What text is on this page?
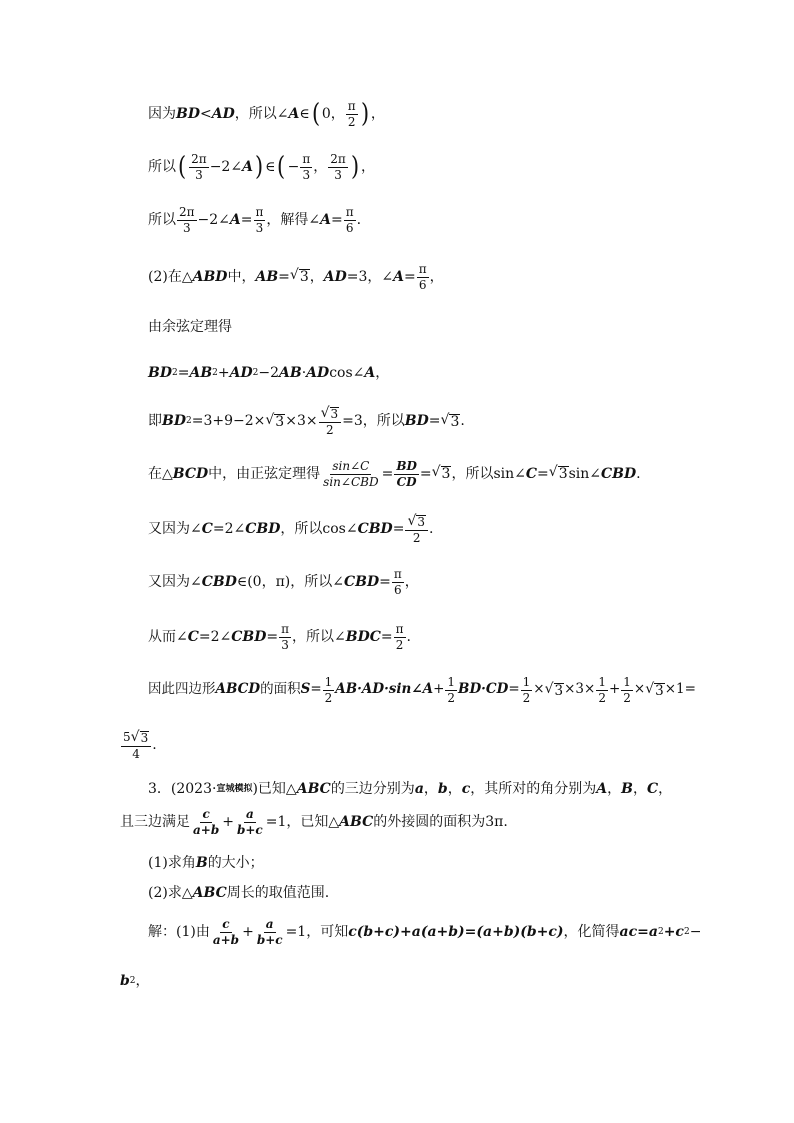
因为 BD < AD ，所以∠ A ∈ ( 0， $\frac{\pi}{2}$ ) ，
所以 ( $\frac{2\pi}{3}$ −2∠ A ) ∈ ( − $\frac{\pi}{3}$ ， $\frac{2\pi}{3}$ ) ，
所以 $\frac{2\pi}{3}$ −2∠ $A = \frac{\pi}{3}$ ，解得∠ $A = \frac{\pi}{6}$ .
(2)在△ ABD 中， AB = √ 3 ， AD =3，∠ $A = \frac{\pi}{6}$ ，
由余弦定理得
BD 2 = AB 2 + AD 2 −2 AB · AD cos∠ A ，
即 BD 2 =3+9−2× √ $3 \times 3\times \frac{√ 3}{2} =3$，所以 BD = √ 3 .
在△ BCD 中，由正弦定理得 $\frac{\sin\angle C}{\text{sin∠CBD}} = \frac{BD}{CD}$ = √ 3 ，所以 sin∠ C = √ 3 sin∠ CBD .
又因为∠ C =2∠ CBD ，所以cos∠ CBD = $\frac{√ 3}{2}$ .
又因为∠ CBD ∈(0，π)，所以∠ CBD = $\frac{\pi}{6}$ ，
从而∠ C =2∠ CBD = $\frac{\pi}{3}$ ，所以∠ BDC = $\frac{\pi}{2}$ .
因此四边形 ABCD 的面积 $S = \frac{1}{2}$ AB·AD·sin∠A + $\frac{1}{2} BD\cdot CD = \frac{1}{2}$ × √ $3 \times 3\times \frac{1}{2} + \frac{1}{2}$ × √ 3 ×1=
$\frac{5 √ 3}{4}$ .
3．(2023· 宣城模拟 )已知△ ABC 的三边分别为 a ， b ， c ，其所对的角分别为 A ， B ， C ，
且三边满足 $\frac{c}{a+b} + \frac{a}{b+c} =1$，已知△ ABC 的外接圆的面积为3π.
(1)求角 B 的大小；
(2)求△ ABC 周长的取值范围.
解：(1)由 $\frac{c}{a+b} + \frac{a}{b+c} =1$，可知 c(b+c)+a(a+b)=(a+b)(b+c) ，化简得 ac=a 2 +c 2 −
b 2 ，
